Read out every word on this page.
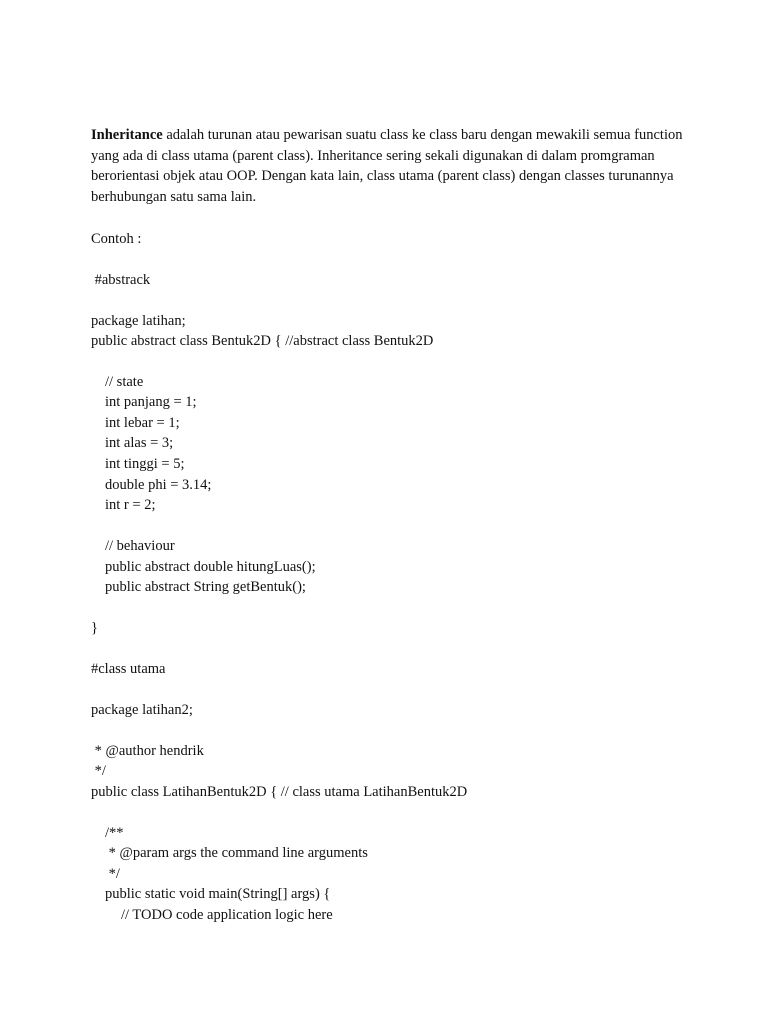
Inheritance adalah turunan atau pewarisan suatu class ke class baru dengan mewakili semua function yang ada di class utama (parent class). Inheritance sering sekali digunakan di dalam promgraman berorientasi objek atau OOP. Dengan kata lain, class utama (parent class) dengan classes turunannya berhubungan satu sama lain.

Contoh :
#abstrack
package latihan;
public abstract class Bentuk2D { //abstract class Bentuk2D
// state
int panjang = 1;
int lebar = 1;
int alas = 3;
int tinggi = 5;
double phi = 3.14;
int r = 2;
// behaviour
public abstract double hitungLuas();
public abstract String getBentuk();
}
#class utama
package latihan2;
* @author hendrik
*/
public class LatihanBentuk2D { // class utama LatihanBentuk2D
/**
* @param args the command line arguments
*/
public static void main(String[] args) {
// TODO code application logic here
